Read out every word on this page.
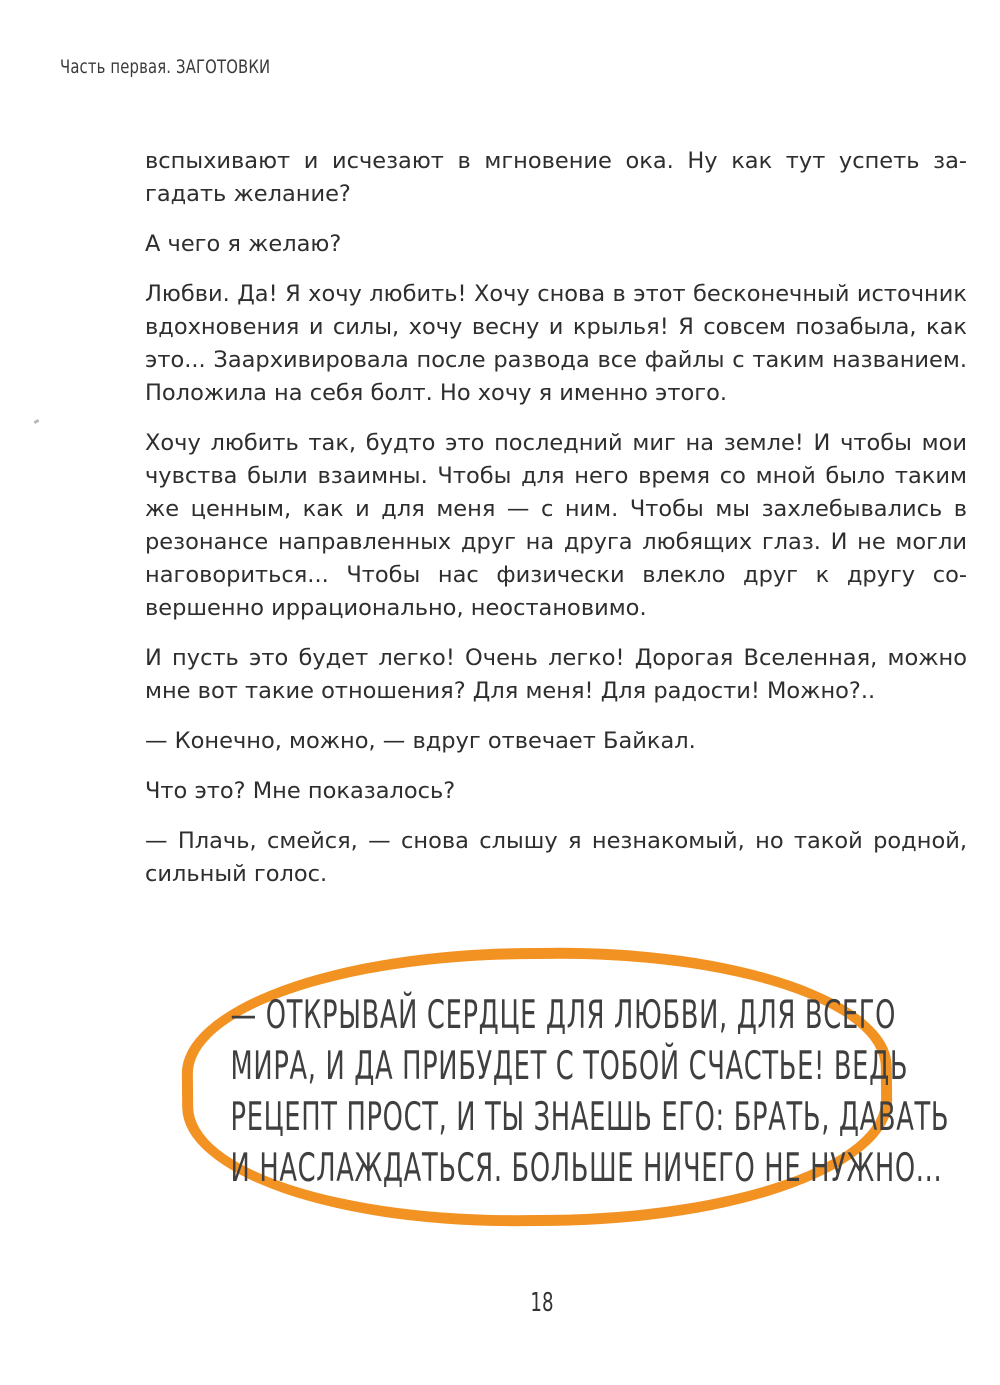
Часть первая. ЗАГОТОВКИ

вспыхивают и исчезают в мгновение ока. Ну как тут успеть загадать желание?

А чего я желаю?

Любви. Да! Я хочу любить! Хочу снова в этот бесконечный источник вдохновения и силы, хочу весну и крылья! Я совсем позабыла, как это... Заархивировала после развода все файлы с таким названием. Положила на себя болт. Но хочу я именно этого.

Хочу любить так, будто это последний миг на земле! И чтобы мои чувства были взаимны. Чтобы для него время со мной было таким же ценным, как и для меня — с ним. Чтобы мы захлебывались в резонансе направленных друг на друга любящих глаз. И не могли наговориться... Чтобы нас физически влекло друг к другу совершенно иррационально, неостановимо.

И пусть это будет легко! Очень легко! Дорогая Вселенная, можно мне вот такие отношения? Для меня! Для радости! Можно?..

— Конечно, можно, — вдруг отвечает Байкал.

Что это? Мне показалось?

— Плачь, смейся, — снова слышу я незнакомый, но такой родной, сильный голос.

— ОТКРЫВАЙ СЕРДЦЕ ДЛЯ ЛЮБВИ, ДЛЯ ВСЕГО
МИРА, И ДА ПРИБУДЕТ С ТОБОЙ СЧАСТЬЕ! ВЕДЬ
РЕЦЕПТ ПРОСТ, И ТЫ ЗНАЕШЬ ЕГО: БРАТЬ, ДАВАТЬ
И НАСЛАЖДАТЬСЯ. БОЛЬШЕ НИЧЕГО НЕ НУЖНО...
18
